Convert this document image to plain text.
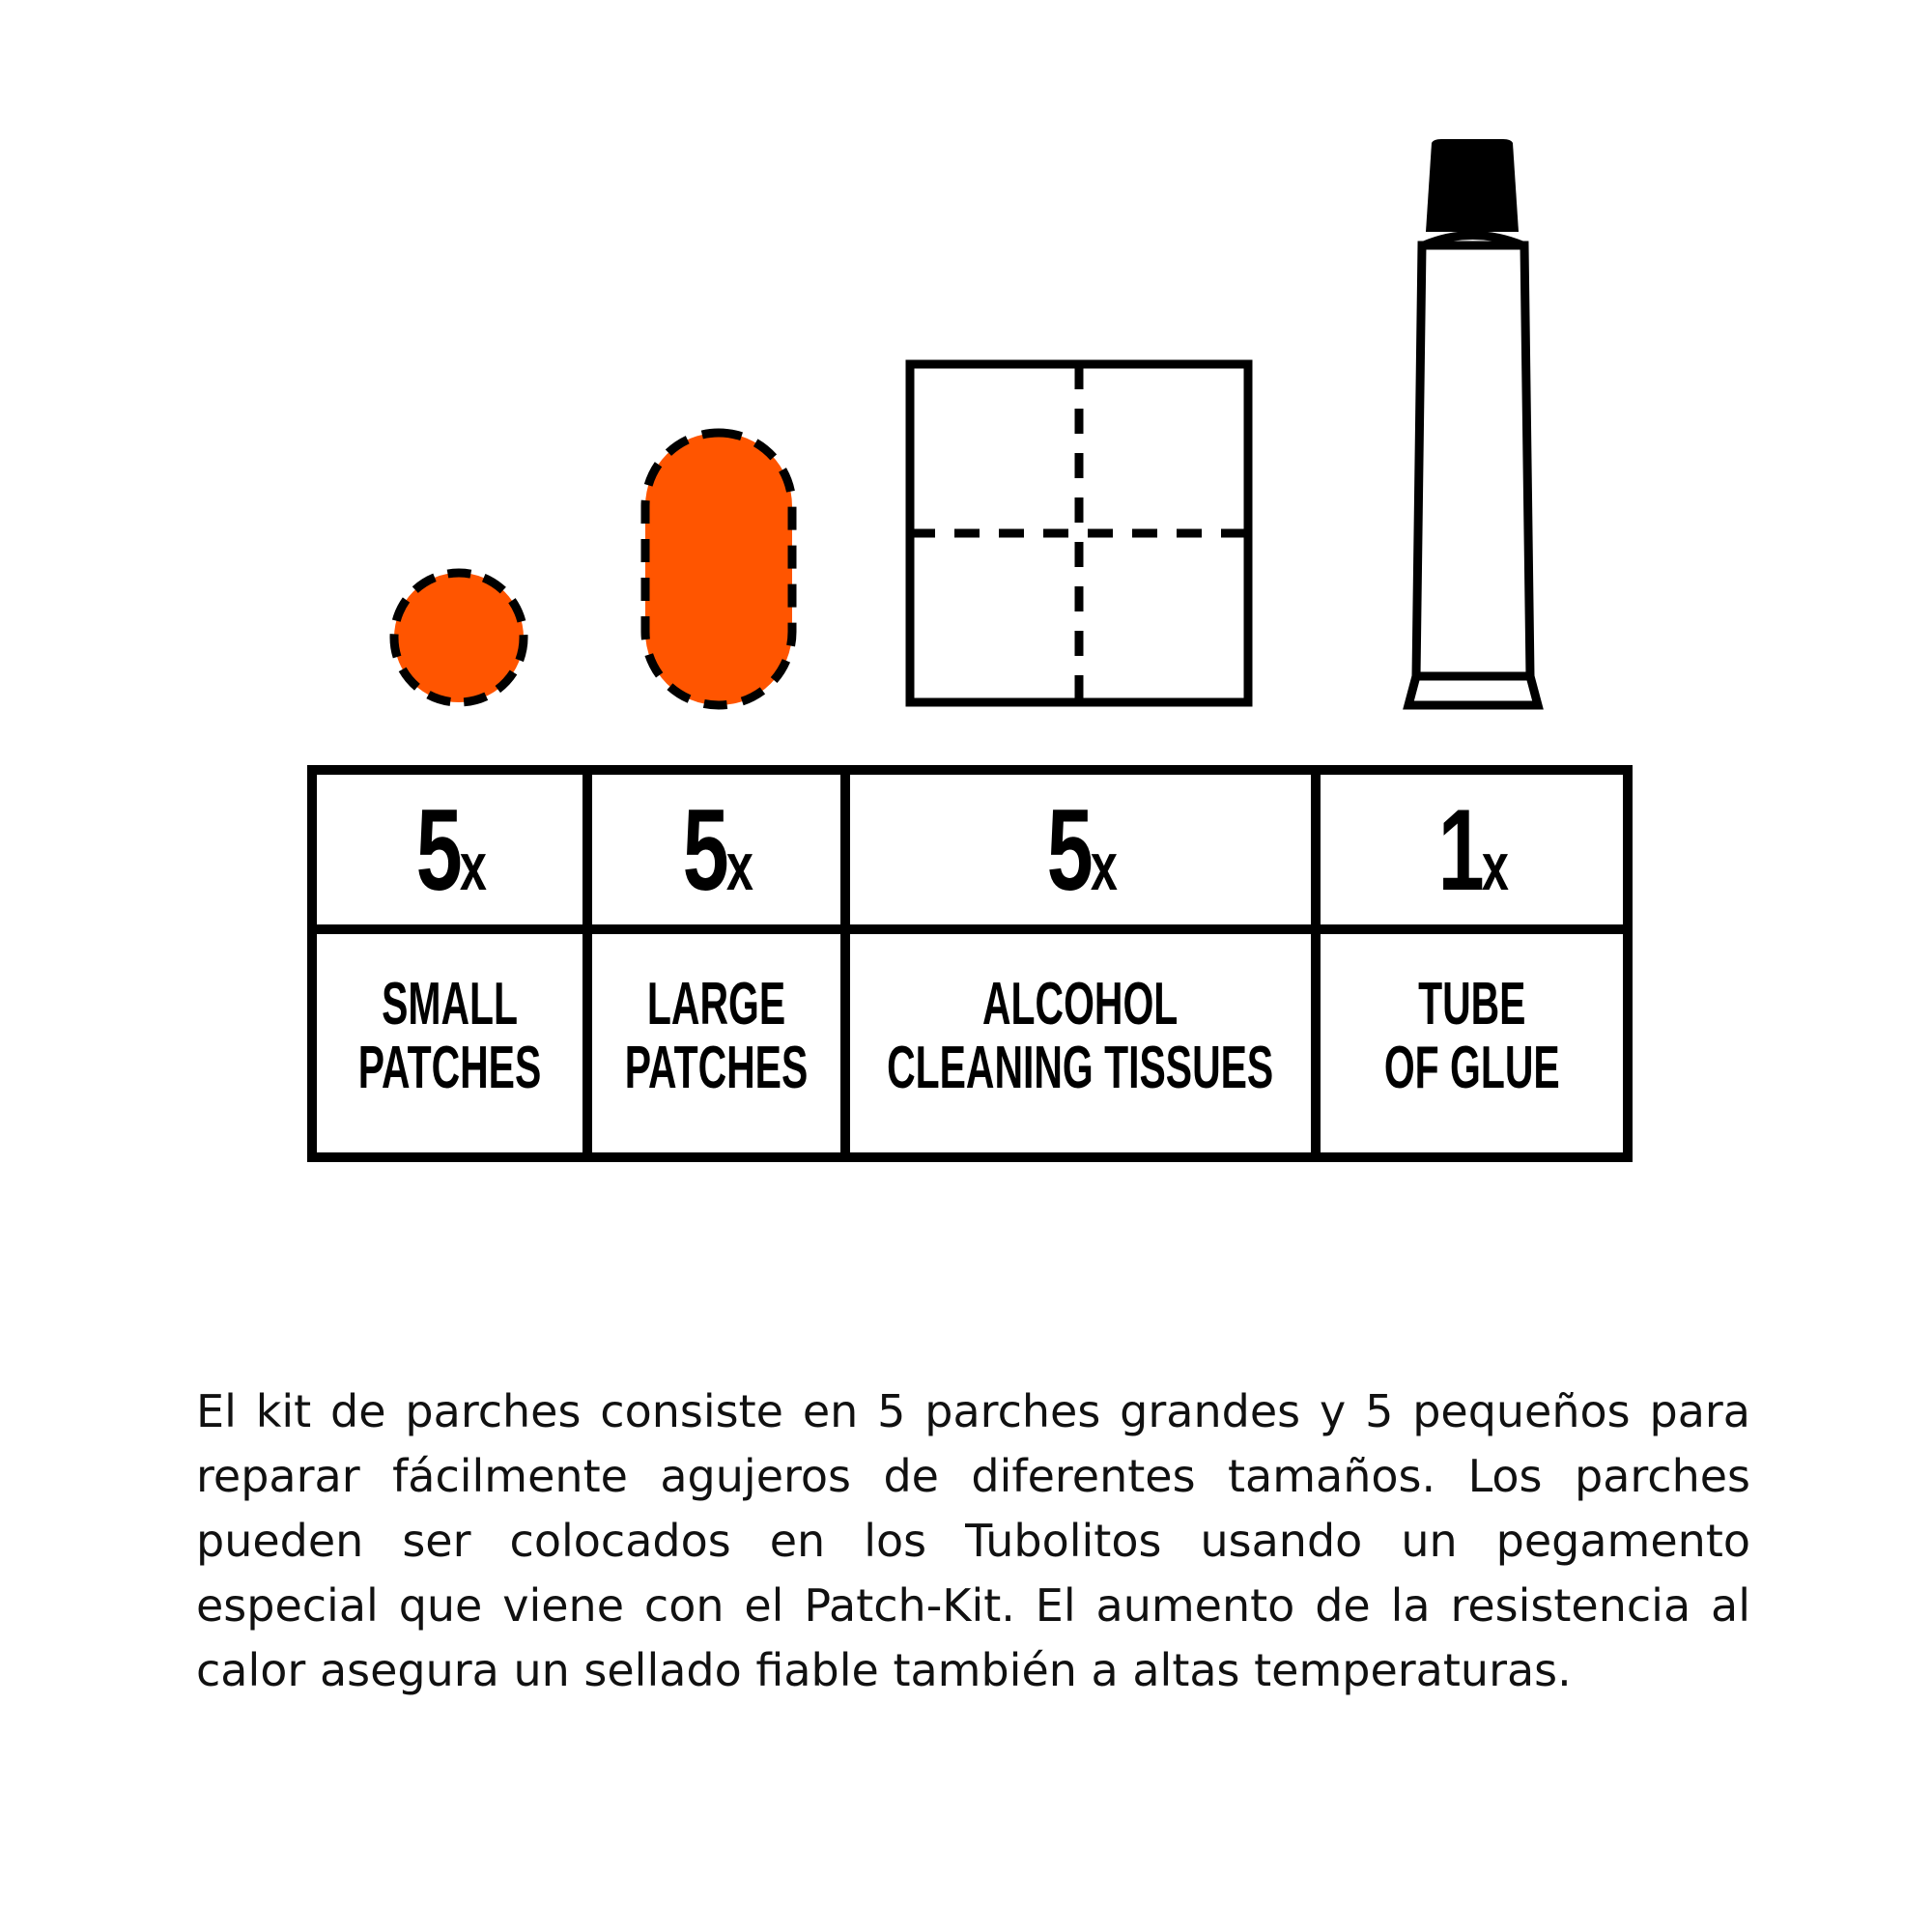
5x 5x	5x	1x
SMALL
PATCHES
LARGE
PATCHES
ALCOHOL
CLEANING TISSUES
TUBE
OF GLUE

El kit de parches consiste en 5 parches grandes y 5 pequeños para reparar fácilmente agujeros de diferentes tamaños. Los parches pueden ser colocados en los Tubolitos usando un pegamento especial que viene con el Patch-Kit. El aumento de la resistencia al calor asegura un sellado fiable también a altas temperaturas.
